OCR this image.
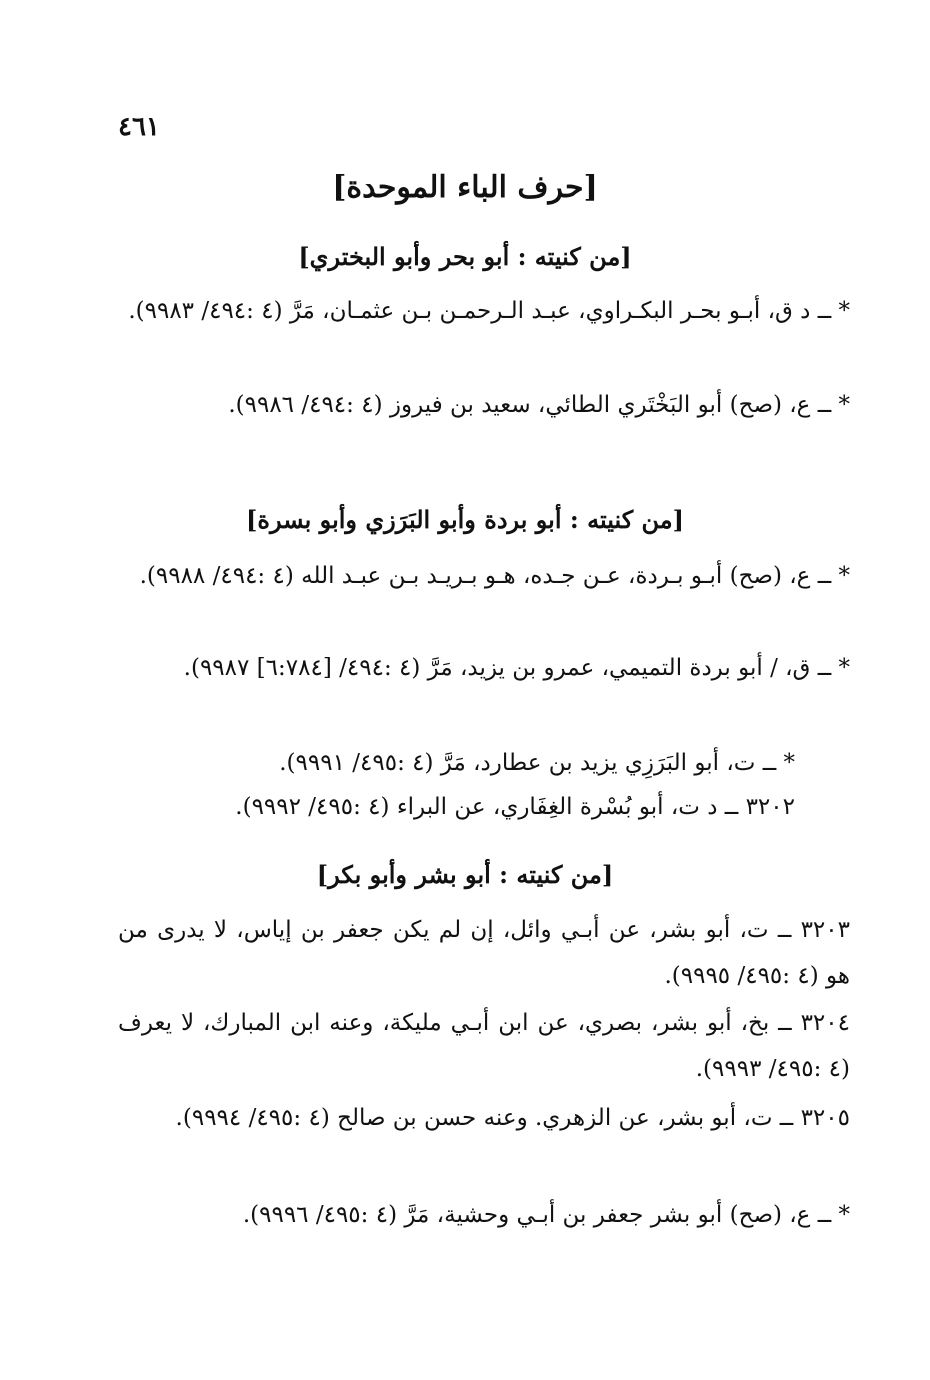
٤٦١
[حرف الباء الموحدة]
[من كنيته : أبو بحر وأبو البختري]
* ــ د ق، أبـو بحـر البكـراوي، عبـد الـرحمـن بـن عثمـان، مَرَّ (٤ :٤٩٤/ ٩٩٨٣).
* ــ ع، (صح) أبو البَخْتَري الطائي، سعيد بن فيروز (٤ :٤٩٤/ ٩٩٨٦).
[من كنيته : أبو بردة وأبو البَرَزي وأبو بسرة]
* ــ ع، (صح) أبـو بـردة، عـن جـده، هـو بـريـد بـن عبـد الله (٤ :٤٩٤/ ٩٩٨٨).
* ــ ق، / أبو بردة التميمي، عمرو بن يزيد، مَرَّ (٤ :٤٩٤/ [٦:٧٨٤] ٩٩٨٧).
* ــ ت، أبو البَرَزِي يزيد بن عطارد، مَرَّ (٤ :٤٩٥/ ٩٩٩١).
٣٢٠٢ ــ د ت، أبو بُسْرة الغِفَاري، عن البراء (٤ :٤٩٥/ ٩٩٩٢).
[من كنيته : أبو بشر وأبو بكر]
٣٢٠٣ ــ ت، أبو بشر، عن أبـي وائل، إن لم يكن جعفر بن إياس، لا يدرى من هو (٤ :٤٩٥/ ٩٩٩٥).
٣٢٠٤ ــ بخ، أبو بشر، بصري، عن ابن أبـي مليكة، وعنه ابن المبارك، لا يعرف (٤ :٤٩٥/ ٩٩٩٣).
٣٢٠٥ ــ ت، أبو بشر، عن الزهري. وعنه حسن بن صالح (٤ :٤٩٥/ ٩٩٩٤).
* ــ ع، (صح) أبو بشر جعفر بن أبـي وحشية، مَرَّ (٤ :٤٩٥/ ٩٩٩٦).
